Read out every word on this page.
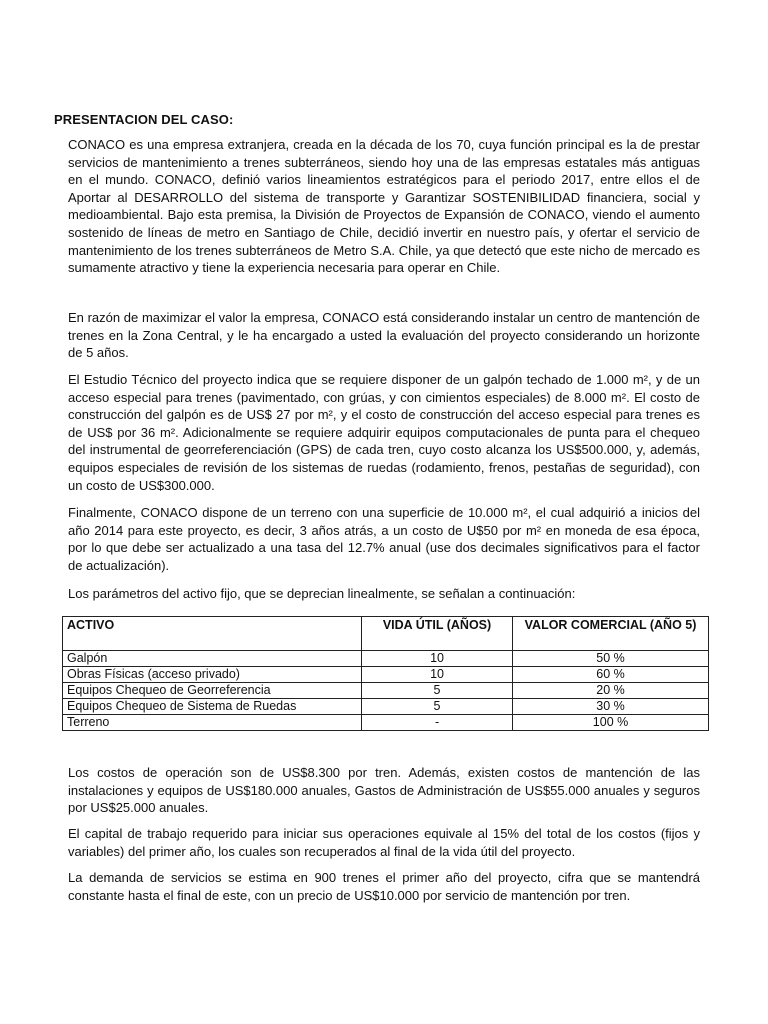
PRESENTACION DEL CASO:

CONACO es una empresa extranjera, creada en la década de los 70, cuya función principal es la de prestar servicios de mantenimiento a trenes subterráneos, siendo hoy una de las empresas estatales más antiguas en el mundo. CONACO, definió varios lineamientos estratégicos para el periodo 2017, entre ellos el de Aportar al DESARROLLO del sistema de transporte y Garantizar SOSTENIBILIDAD financiera, social y medioambiental. Bajo esta premisa, la División de Proyectos de Expansión de CONACO, viendo el aumento sostenido de líneas de metro en Santiago de Chile, decidió invertir en nuestro país, y ofertar el servicio de mantenimiento de los trenes subterráneos de Metro S.A. Chile, ya que detectó que este nicho de mercado es sumamente atractivo y tiene la experiencia necesaria para operar en Chile.

En razón de maximizar el valor la empresa, CONACO está considerando instalar un centro de mantención de trenes en la Zona Central, y le ha encargado a usted la evaluación del proyecto considerando un horizonte de 5 años.

El Estudio Técnico del proyecto indica que se requiere disponer de un galpón techado de 1.000 m², y de un acceso especial para trenes (pavimentado, con grúas, y con cimientos especiales) de 8.000 m². El costo de construcción del galpón es de US$ 27 por m², y el costo de construcción del acceso especial para trenes es de US$ por 36 m². Adicionalmente se requiere adquirir equipos computacionales de punta para el chequeo del instrumental de georreferenciación (GPS) de cada tren, cuyo costo alcanza los US$500.000, y, además, equipos especiales de revisión de los sistemas de ruedas (rodamiento, frenos, pestañas de seguridad), con un costo de US$300.000.

Finalmente, CONACO dispone de un terreno con una superficie de 10.000 m², el cual adquirió a inicios del año 2014 para este proyecto, es decir, 3 años atrás, a un costo de U$50 por m² en moneda de esa época, por lo que debe ser actualizado a una tasa del 12.7% anual (use dos decimales significativos para el factor de actualización).

Los parámetros del activo fijo, que se deprecian linealmente, se señalan a continuación:

ACTIVO	VIDA ÚTIL (AÑOS)	VALOR COMERCIAL (AÑO 5)
Galpón	10	50 %
Obras Físicas (acceso privado)	10	60 %
Equipos Chequeo de Georreferencia	5	20 %
Equipos Chequeo de Sistema de Ruedas	5	30 %
Terreno	-	100 %

Los costos de operación son de US$8.300 por tren. Además, existen costos de mantención de las instalaciones y equipos de US$180.000 anuales, Gastos de Administración de US$55.000 anuales y seguros por US$25.000 anuales.

El capital de trabajo requerido para iniciar sus operaciones equivale al 15% del total de los costos (fijos y variables) del primer año, los cuales son recuperados al final de la vida útil del proyecto.

La demanda de servicios se estima en 900 trenes el primer año del proyecto, cifra que se mantendrá constante hasta el final de este, con un precio de US$10.000 por servicio de mantención por tren.
